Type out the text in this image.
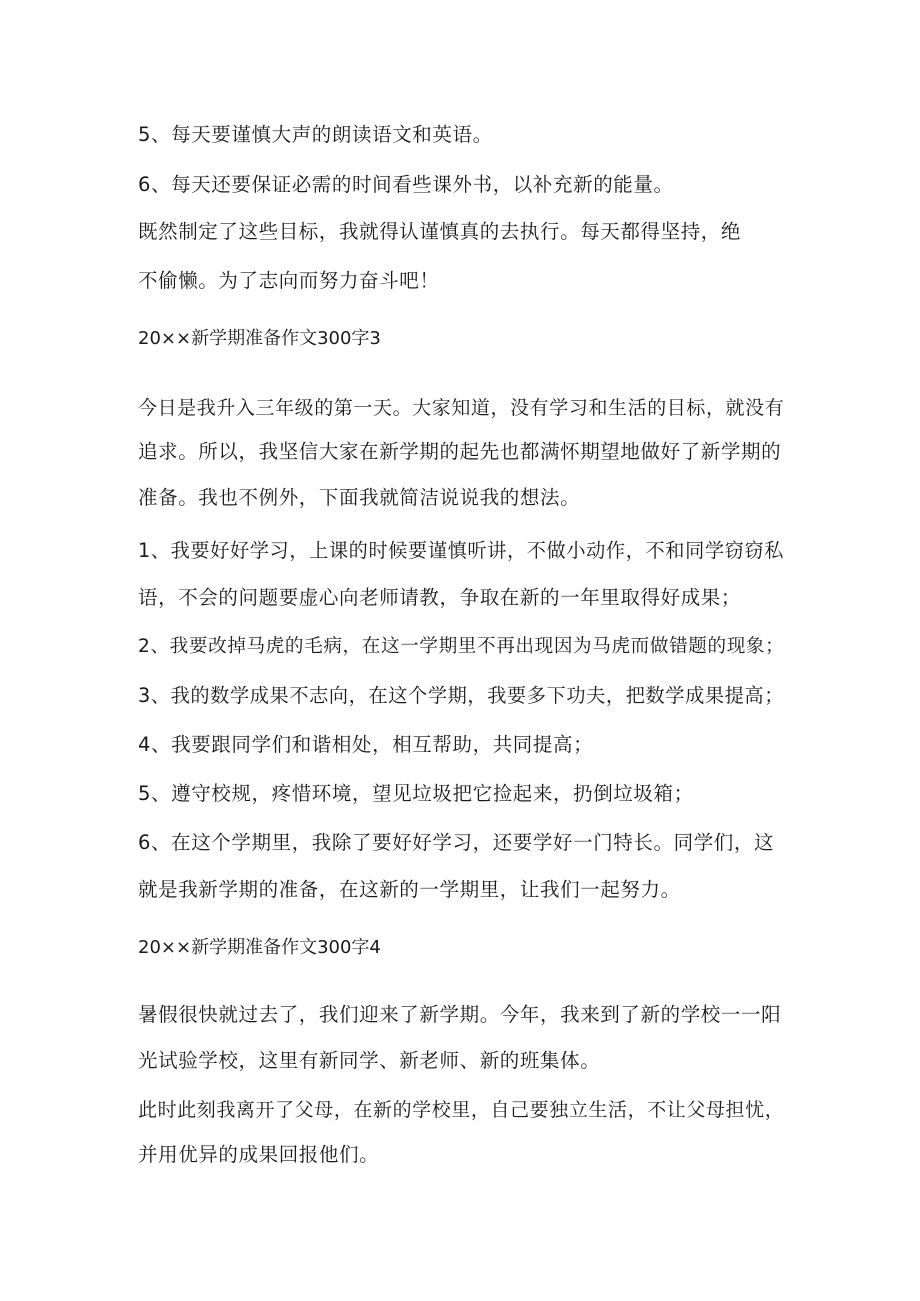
5、每天要谨慎大声的朗读语文和英语。
6、每天还要保证必需的时间看些课外书，以补充新的能量。
既然制定了这些目标，我就得认谨慎真的去执行。每天都得坚持，绝
不偷懒。为了志向而努力奋斗吧！
20××新学期准备作文300字3
今日是我升入三年级的第一天。大家知道，没有学习和生活的目标，就没有
追求。所以，我坚信大家在新学期的起先也都满怀期望地做好了新学期的
准备。我也不例外，下面我就简洁说说我的想法。
1、我要好好学习，上课的时候要谨慎听讲，不做小动作，不和同学窃窃私
语，不会的问题要虚心向老师请教，争取在新的一年里取得好成果；
2、我要改掉马虎的毛病，在这一学期里不再出现因为马虎而做错题的现象；
3、我的数学成果不志向，在这个学期，我要多下功夫，把数学成果提高；
4、我要跟同学们和谐相处，相互帮助，共同提高；
5、遵守校规，疼惜环境，望见垃圾把它捡起来，扔倒垃圾箱；
6、在这个学期里，我除了要好好学习，还要学好一门特长。同学们，这
就是我新学期的准备，在这新的一学期里，让我们一起努力。
20××新学期准备作文300字4
暑假很快就过去了，我们迎来了新学期。今年，我来到了新的学校一一阳
光试验学校，这里有新同学、新老师、新的班集体。
此时此刻我离开了父母，在新的学校里，自己要独立生活，不让父母担忧，
并用优异的成果回报他们。
